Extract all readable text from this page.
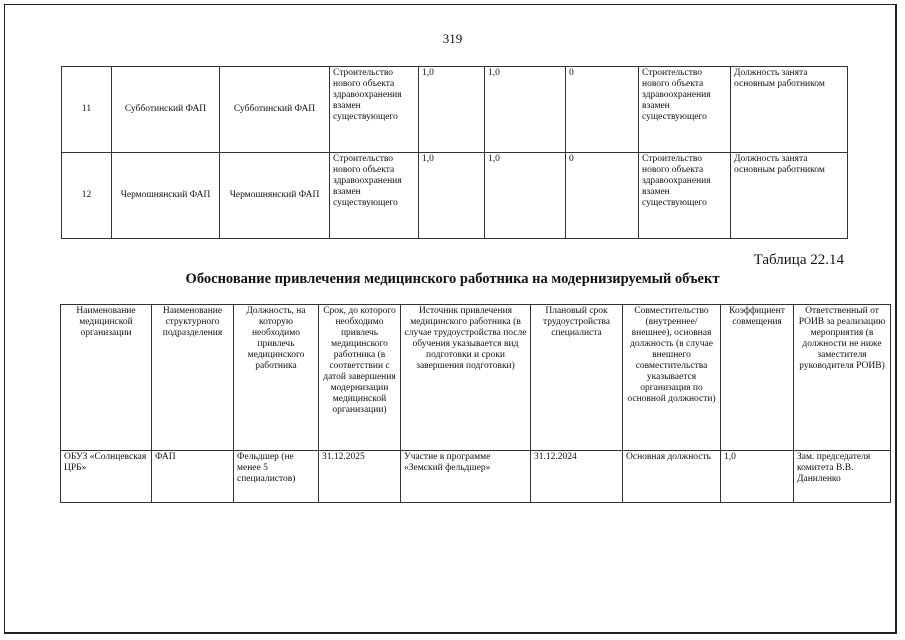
319
11	Субботинский ФАП	Субботинский ФАП	Строительство нового объекта здравоохранения взамен существующего	1,0	1,0	0	Строительство нового объекта здравоохранения взамен существующего	Должность занята основным работником
12	Чермошнянский ФАП	Чермошнянский ФАП	Строительство нового объекта здравоохранения взамен существующего	1,0	1,0	0	Строительство нового объекта здравоохранения взамен существующего	Должность занята основным работником
Таблица 22.14
Обоснование привлечения медицинского работника на модернизируемый объект
Наименование медицинской организации	Наименование структурного подразделения	Должность, на которую необходимо привлечь медицинского работника	Срок, до которого необходимо привлечь медицинского работника (в соответствии с датой завершения модернизации медицинской организации)	Источник привлечения медицинского работника (в случае трудоустройства после обучения указывается вид подготовки и сроки завершения подготовки)	Плановый срок трудоустройства специалиста	Совместительство (внутреннее/внешнее), основная должность (в случае внешнего совместительства указывается организация по основной должности)	Коэффициент совмещения	Ответственный от РОИВ за реализацию мероприятия (в должности не ниже заместителя руководителя РОИВ)
ОБУЗ «Солнцевская ЦРБ»	ФАП	Фельдшер (не менее 5 специалистов)	31.12.2025	Участие в программе «Земский фельдшер»	31.12.2024	Основная должность	1,0	Зам. председателя комитета В.В. Даниленко
